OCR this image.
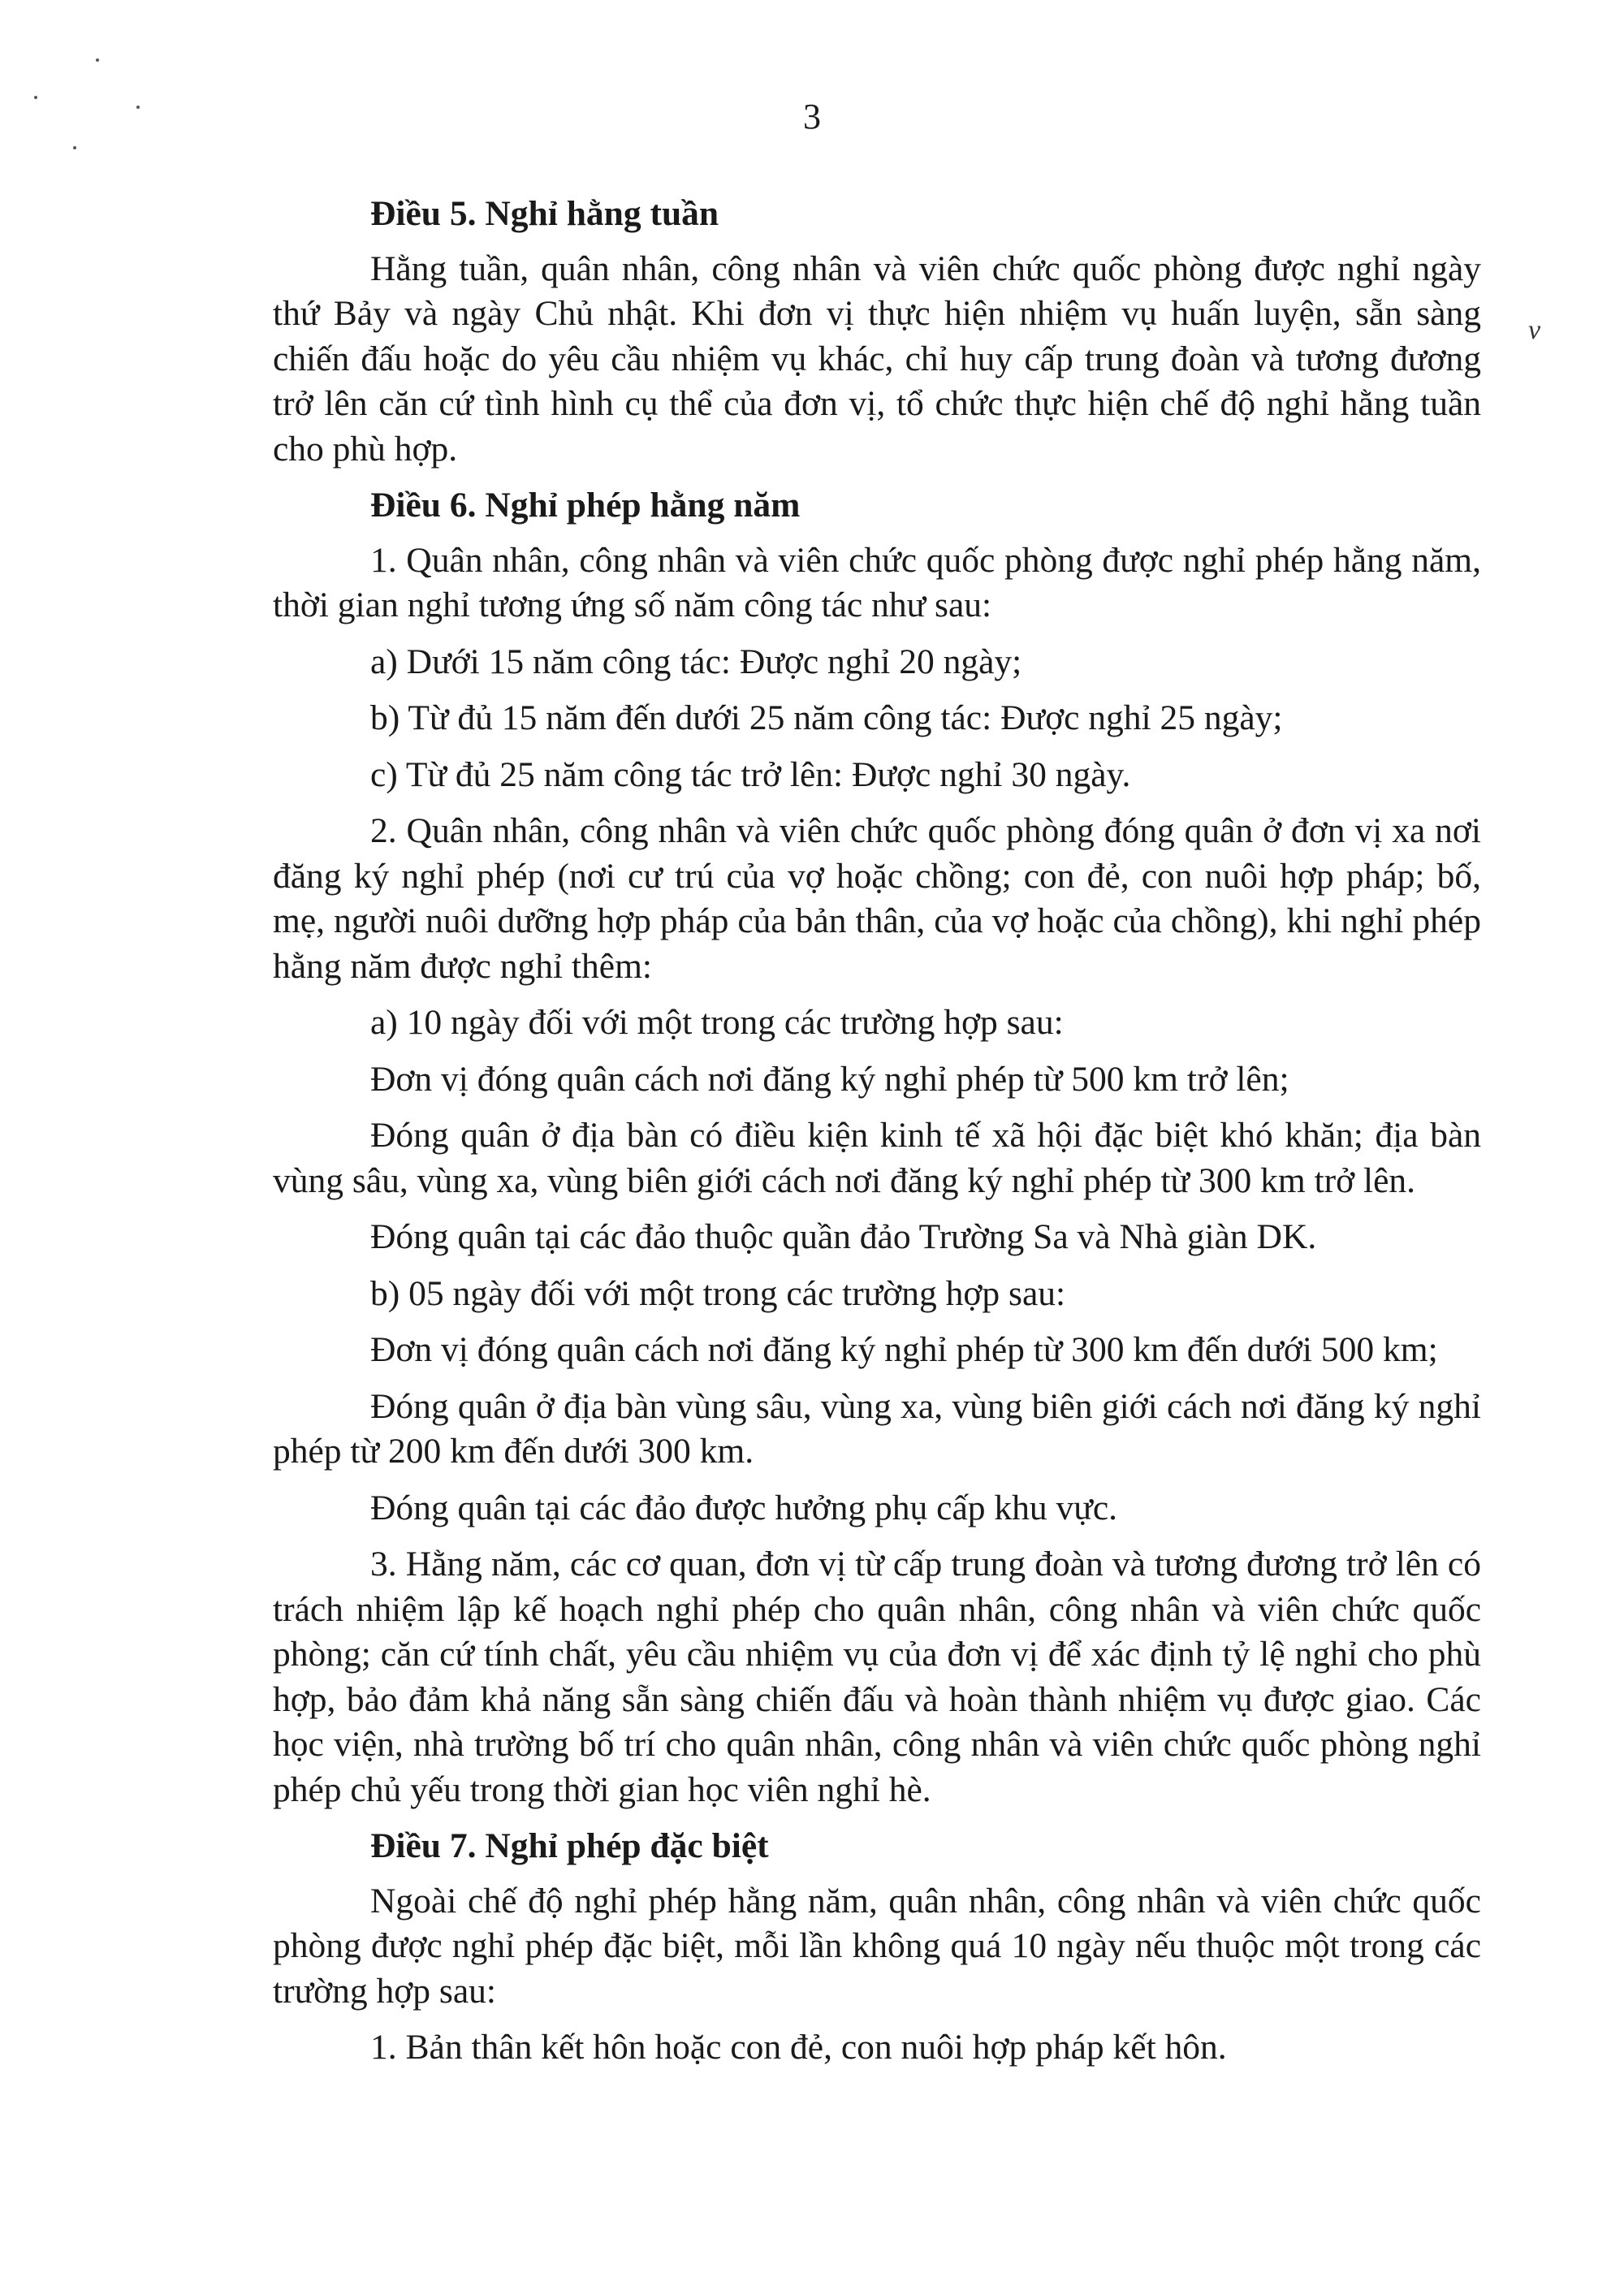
3
v

Điều 5. Nghỉ hằng tuần

Hằng tuần, quân nhân, công nhân và viên chức quốc phòng được nghỉ ngày thứ Bảy và ngày Chủ nhật. Khi đơn vị thực hiện nhiệm vụ huấn luyện, sẵn sàng chiến đấu hoặc do yêu cầu nhiệm vụ khác, chỉ huy cấp trung đoàn và tương đương trở lên căn cứ tình hình cụ thể của đơn vị, tổ chức thực hiện chế độ nghỉ hằng tuần cho phù hợp.

Điều 6. Nghỉ phép hằng năm

1. Quân nhân, công nhân và viên chức quốc phòng được nghỉ phép hằng năm, thời gian nghỉ tương ứng số năm công tác như sau:

a) Dưới 15 năm công tác: Được nghỉ 20 ngày;

b) Từ đủ 15 năm đến dưới 25 năm công tác: Được nghỉ 25 ngày;

c) Từ đủ 25 năm công tác trở lên: Được nghỉ 30 ngày.

2. Quân nhân, công nhân và viên chức quốc phòng đóng quân ở đơn vị xa nơi đăng ký nghỉ phép (nơi cư trú của vợ hoặc chồng; con đẻ, con nuôi hợp pháp; bố, mẹ, người nuôi dưỡng hợp pháp của bản thân, của vợ hoặc của chồng), khi nghỉ phép hằng năm được nghỉ thêm:

a) 10 ngày đối với một trong các trường hợp sau:

Đơn vị đóng quân cách nơi đăng ký nghỉ phép từ 500 km trở lên;

Đóng quân ở địa bàn có điều kiện kinh tế xã hội đặc biệt khó khăn; địa bàn vùng sâu, vùng xa, vùng biên giới cách nơi đăng ký nghỉ phép từ 300 km trở lên.

Đóng quân tại các đảo thuộc quần đảo Trường Sa và Nhà giàn DK.

b) 05 ngày đối với một trong các trường hợp sau:

Đơn vị đóng quân cách nơi đăng ký nghỉ phép từ 300 km đến dưới 500 km;

Đóng quân ở địa bàn vùng sâu, vùng xa, vùng biên giới cách nơi đăng ký nghỉ phép từ 200 km đến dưới 300 km.

Đóng quân tại các đảo được hưởng phụ cấp khu vực.

3. Hằng năm, các cơ quan, đơn vị từ cấp trung đoàn và tương đương trở lên có trách nhiệm lập kế hoạch nghỉ phép cho quân nhân, công nhân và viên chức quốc phòng; căn cứ tính chất, yêu cầu nhiệm vụ của đơn vị để xác định tỷ lệ nghỉ cho phù hợp, bảo đảm khả năng sẵn sàng chiến đấu và hoàn thành nhiệm vụ được giao. Các học viện, nhà trường bố trí cho quân nhân, công nhân và viên chức quốc phòng nghỉ phép chủ yếu trong thời gian học viên nghỉ hè.

Điều 7. Nghỉ phép đặc biệt

Ngoài chế độ nghỉ phép hằng năm, quân nhân, công nhân và viên chức quốc phòng được nghỉ phép đặc biệt, mỗi lần không quá 10 ngày nếu thuộc một trong các trường hợp sau:

1. Bản thân kết hôn hoặc con đẻ, con nuôi hợp pháp kết hôn.
